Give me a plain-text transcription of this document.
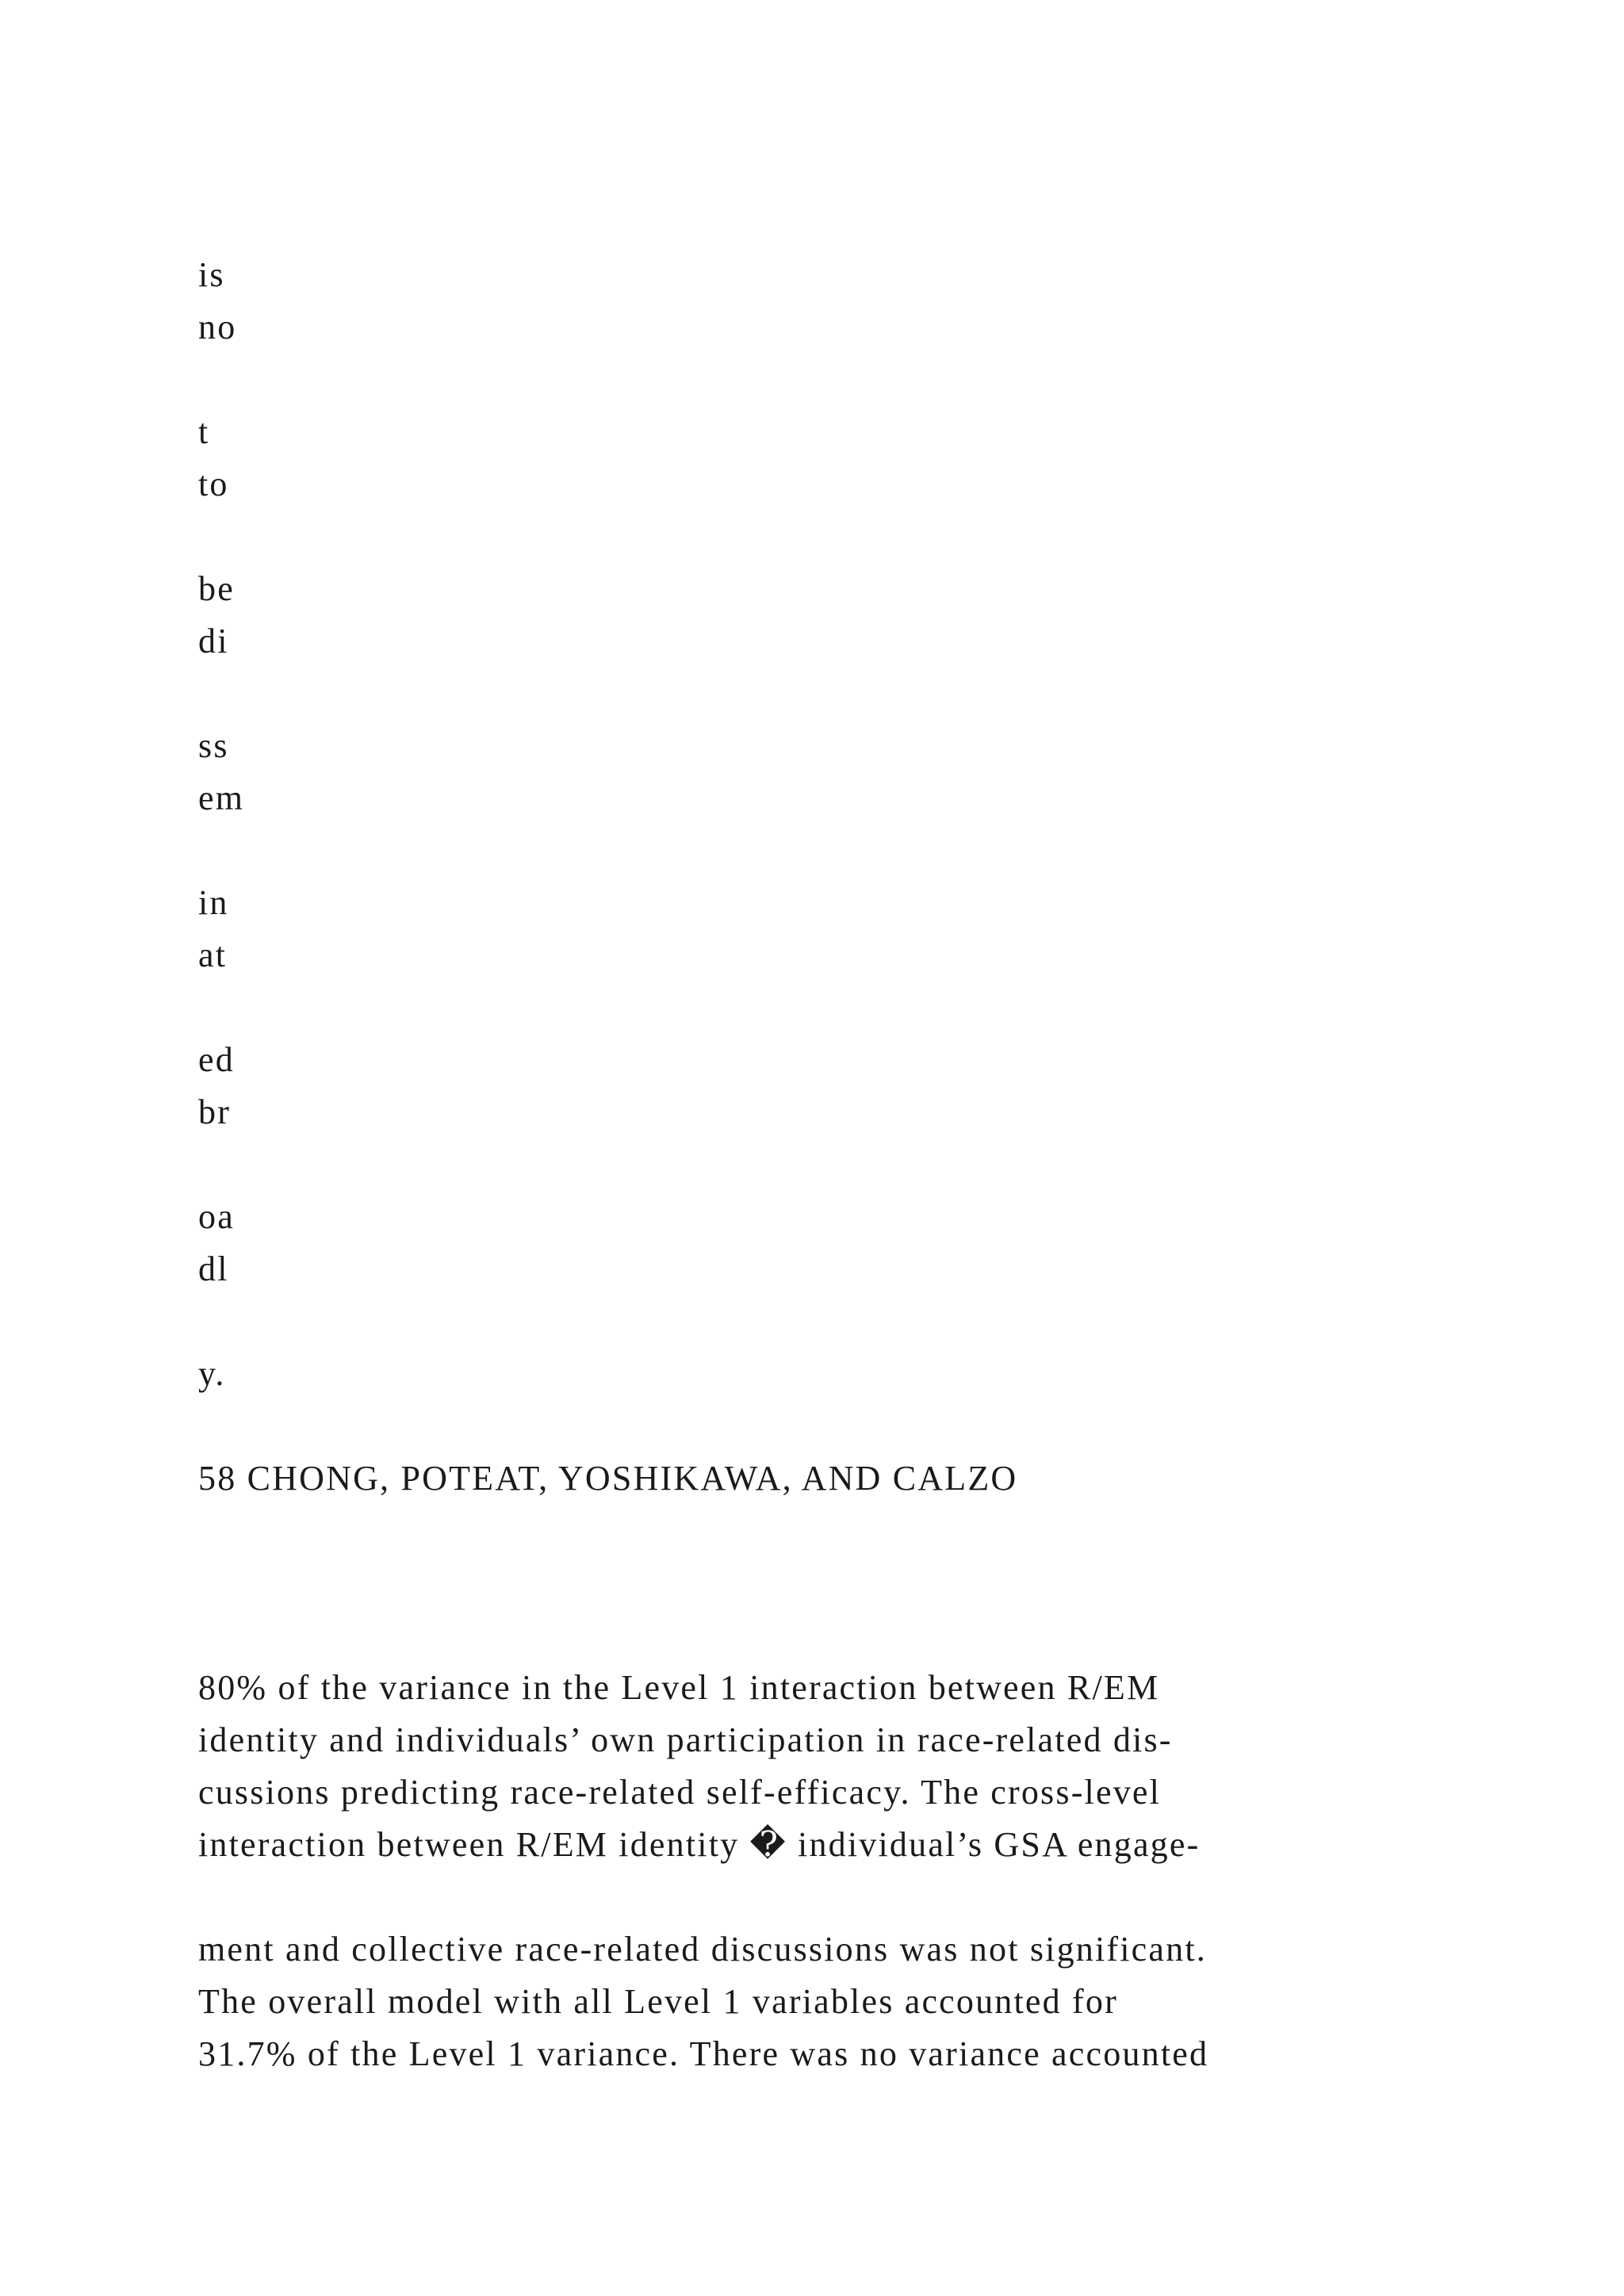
is
no
t
to
be
di
ss
em
in
at
ed
br
oa
dl
y.
58 CHONG, POTEAT, YOSHIKAWA, AND CALZO
80% of the variance in the Level 1 interaction between R/EM
identity and individuals’ own participation in race-related dis-
cussions predicting race-related self-efficacy. The cross-level
interaction between R/EM identity � individual’s GSA engage-
ment and collective race-related discussions was not significant.
The overall model with all Level 1 variables accounted for
31.7% of the Level 1 variance. There was no variance accounted
